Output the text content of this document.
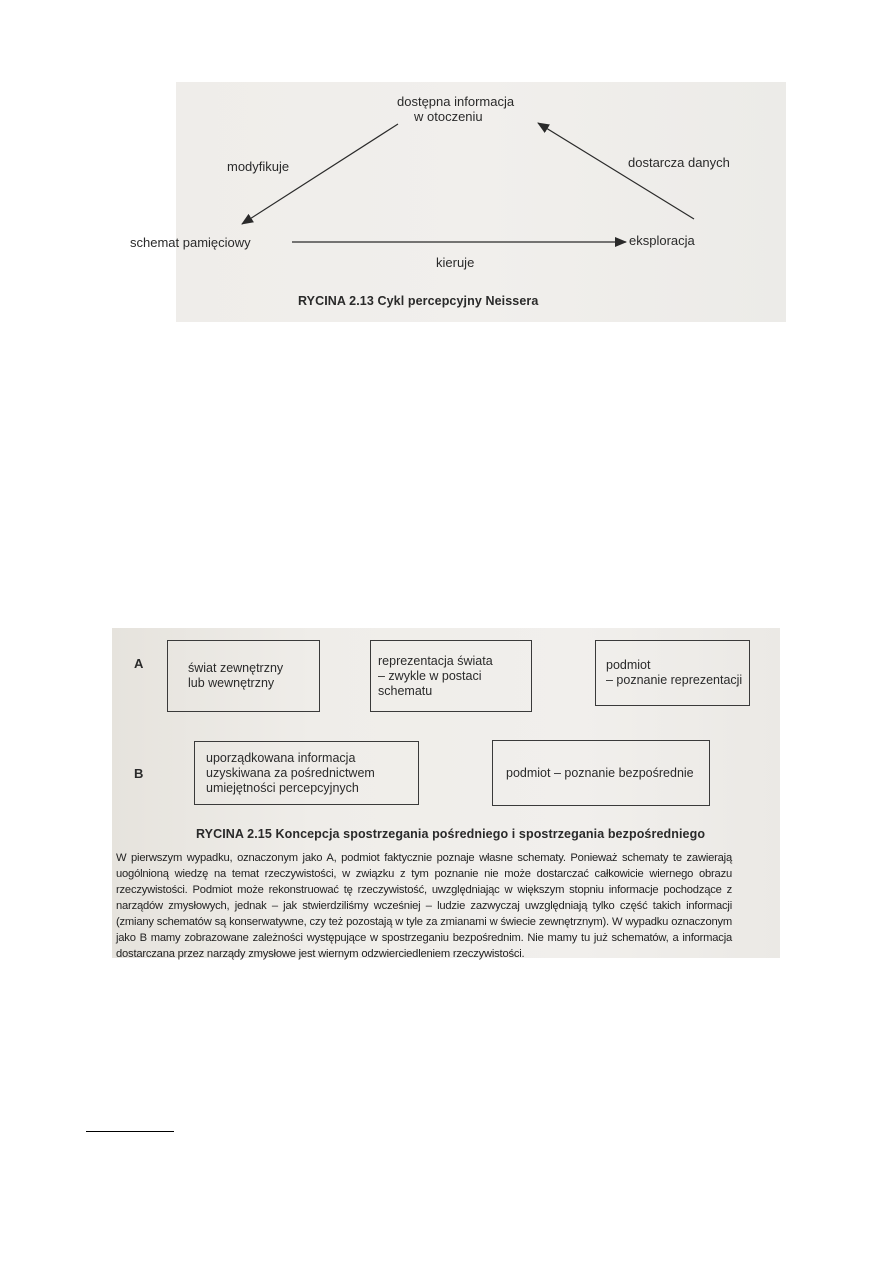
dostępna informacja
w otoczeniu
modyfikuje	dostarcza danych
schemat pamięciowy	eksploracja
kieruje
RYCINA 2.13 Cykl percepcyjny Neissera
A
B
świat zewnętrzny
lub wewnętrzny
reprezentacja świata
– zwykle w postaci
schematu
podmiot
– poznanie reprezentacji
uporządkowana informacja
uzyskiwana za pośrednictwem
umiejętności percepcyjnych
podmiot – poznanie bezpośrednie
RYCINA 2.15 Koncepcja spostrzegania pośredniego i spostrzegania bezpośredniego
W pierwszym wypadku, oznaczonym jako A, podmiot faktycznie poznaje własne schematy. Ponieważ schematy te zawierają uogólnioną wiedzę na temat rzeczywistości, w związku z tym poznanie nie może dostarczać całkowicie wiernego obrazu rzeczywistości. Podmiot może rekonstruować tę rzeczywistość, uwzględniając w większym stopniu informacje pochodzące z narządów zmysłowych, jednak – jak stwierdziliśmy wcześniej – ludzie zazwyczaj uwzględniają tylko część takich informacji (zmiany schematów są konserwatywne, czy też pozostają w tyle za zmianami w świecie zewnętrznym). W wypadku oznaczonym jako B mamy zobrazowane zależności występujące w spostrzeganiu bezpośrednim. Nie mamy tu już schematów, a informacja dostarczana przez narządy zmysłowe jest wiernym odzwierciedleniem rzeczywistości.
